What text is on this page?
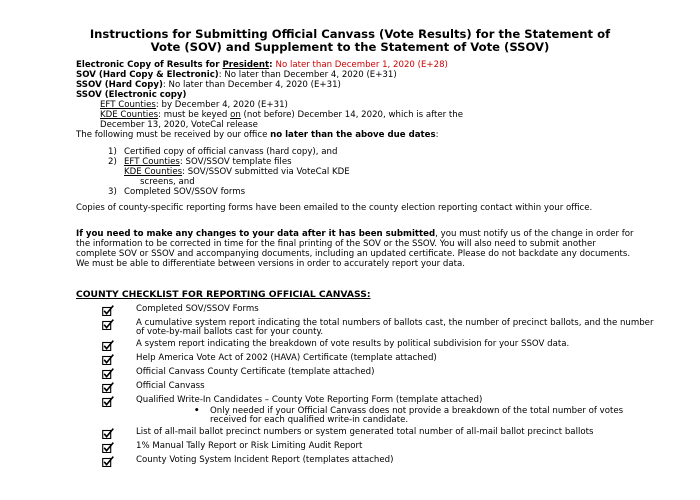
Instructions for Submitting Official Canvass (Vote Results) for the Statement of
Vote (SOV) and Supplement to the Statement of Vote (SSOV)
Electronic Copy of Results for President: No later than December 1, 2020 (E+28)
SOV (Hard Copy & Electronic): No later than December 4, 2020 (E+31)
SSOV (Hard Copy): No later than December 4, 2020 (E+31)
SSOV (Electronic copy)
EFT Counties: by December 4, 2020 (E+31)
KDE Counties: must be keyed on (not before) December 14, 2020, which is after the
December 13, 2020, VoteCal release
The following must be received by our office no later than the above due dates:
1) Certified copy of official canvass (hard copy), and
2) EFT Counties: SOV/SSOV template files
KDE Counties: SOV/SSOV submitted via VoteCal KDE
screens, and
3) Completed SOV/SSOV forms
Copies of county-specific reporting forms have been emailed to the county election reporting contact within your office.
If you need to make any changes to your data after it has been submitted, you must notify us of the change in order for the information to be corrected in time for the final printing of the SOV or the SSOV. You will also need to submit another complete SOV or SSOV and accompanying documents, including an updated certificate. Please do not backdate any documents. We must be able to differentiate between versions in order to accurately report your data.
COUNTY CHECKLIST FOR REPORTING OFFICIAL CANVASS:
Completed SOV/SSOV Forms
A cumulative system report indicating the total numbers of ballots cast, the number of precinct ballots, and the number of vote-by-mail ballots cast for your county.
A system report indicating the breakdown of vote results by political subdivision for your SSOV data.
Help America Vote Act of 2002 (HAVA) Certificate (template attached)
Official Canvass County Certificate (template attached)
Official Canvass
Qualified Write-In Candidates – County Vote Reporting Form (template attached)
•	Only needed if your Official Canvass does not provide a breakdown of the total number of votes received for each qualified write-in candidate.
List of all-mail ballot precinct numbers or system generated total number of all-mail ballot precinct ballots
1% Manual Tally Report or Risk Limiting Audit Report
County Voting System Incident Report (templates attached)
